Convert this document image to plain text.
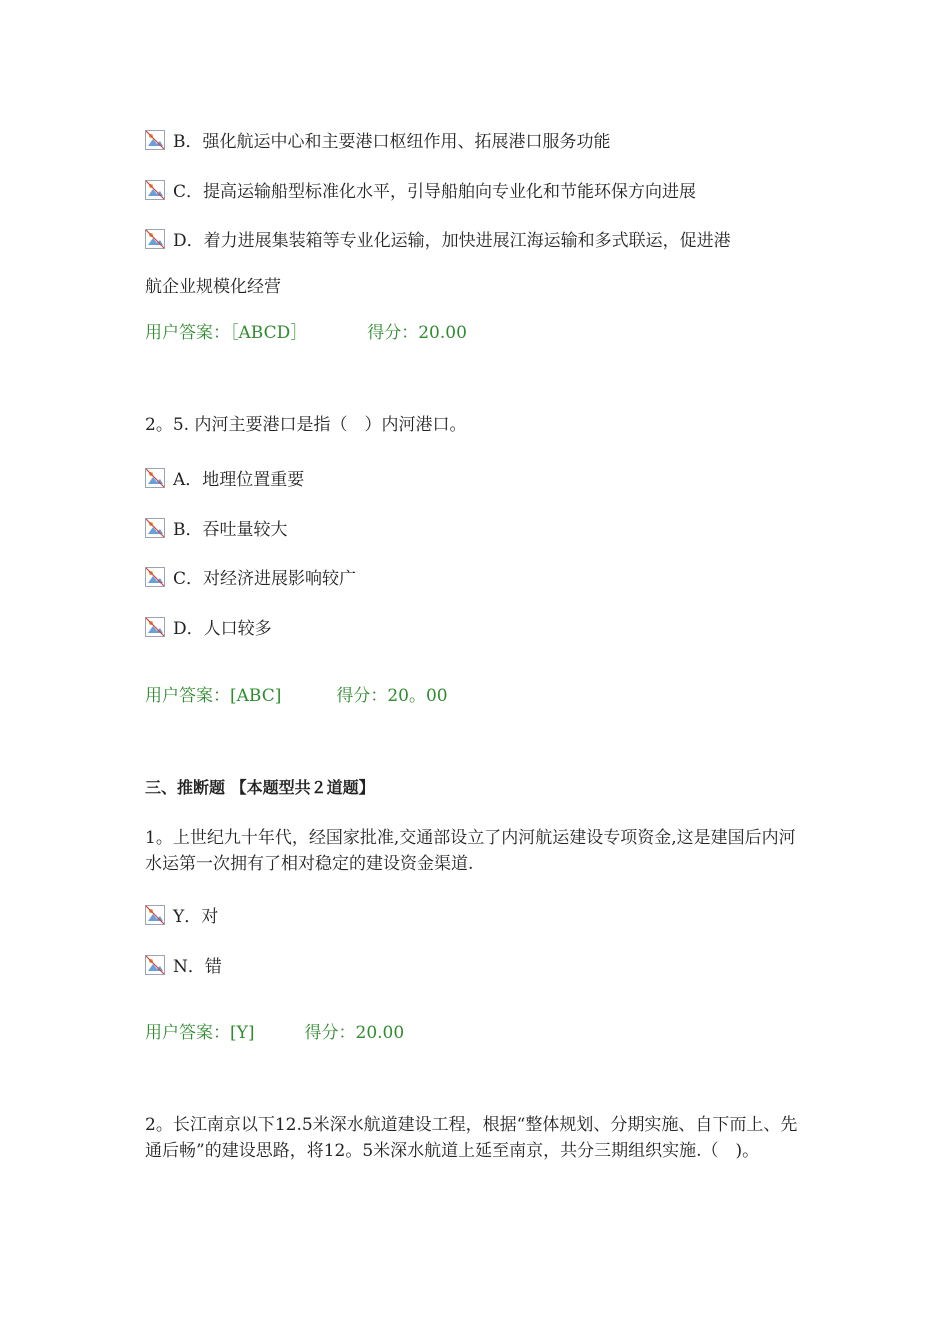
B．强化航运中心和主要港口枢纽作用、拓展港口服务功能
C．提高运输船型标准化水平，引导船舶向专业化和节能环保方向进展
D．着力进展集装箱等专业化运输，加快进展江海运输和多式联运，促进港
航企业规模化经营
用户答案：［ABCD］	得分：20.00
2。5. 内河主要港口是指（　）内河港口。
A．地理位置重要
B．吞吐量较大
C．对经济进展影响较广
D．人口较多
用户答案：[ABC]	得分：20。00
三、推断题 【本题型共２道题】
1。上世纪九十年代，经国家批准,交通部设立了内河航运建设专项资金,这是建国后内河水运第一次拥有了相对稳定的建设资金渠道.
Y．对
N．错
用户答案：[Y]	得分：20.00
2。长江南京以下12.5米深水航道建设工程，根据“整体规划、分期实施、自下而上、先通后畅”的建设思路，将12。5米深水航道上延至南京，共分三期组织实施.（　)。
